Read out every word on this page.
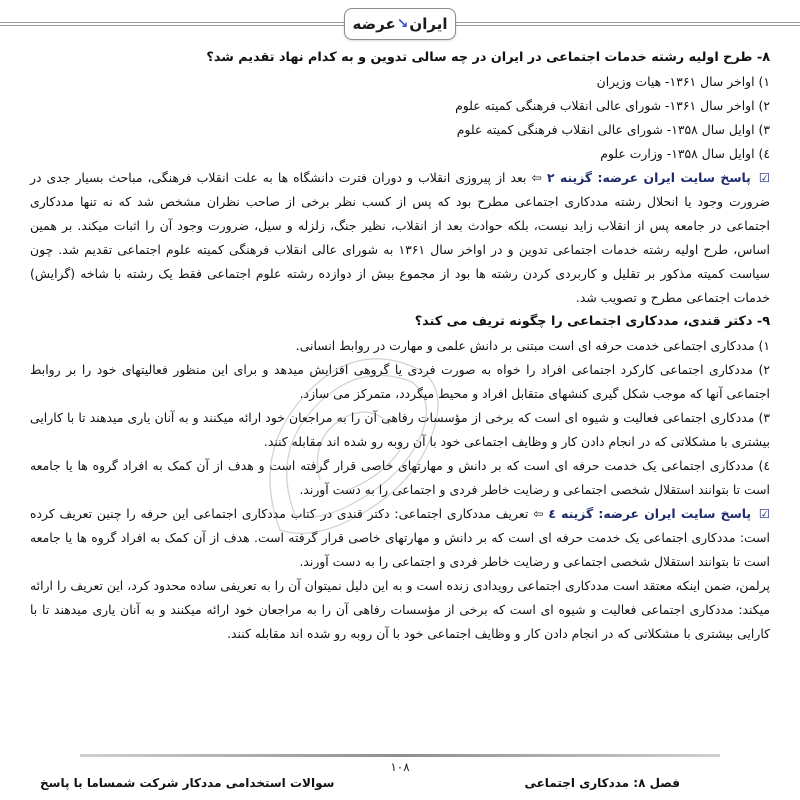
ایران
↘
عرضه

۸- طرح اولیه رشته خدمات اجتماعی در ایران در چه سالی تدوین و به کدام نهاد تقدیم شد؟

۱) اواخر سال ۱۳۶۱- هیات وزیران

۲) اواخر سال ۱۳۶۱- شورای عالی انقلاب فرهنگی کمیته علوم

۳) اوایل سال ۱۳۵۸- شورای عالی انقلاب فرهنگی کمیته علوم

٤) اوایل سال ۱۳۵۸- وزارت علوم

☑ پاسخ سایت ایران عرضه: گزینه ۲ ⇦ بعد از پیروزی انقلاب و دوران فترت دانشگاه ها به علت انقلاب فرهنگی، مباحث بسیار جدی در ضرورت وجود یا انحلال رشته مددکاری اجتماعی مطرح بود که پس از کسب نظر برخی از صاحب نظران مشخص شد که نه تنها مددکاری اجتماعی در جامعه پس از انقلاب زاید نیست، بلکه حوادث بعد از انقلاب، نظیر جنگ، زلزله و سیل، ضرورت وجود آن را اثبات میکند. بر همین اساس، طرح اولیه رشته خدمات اجتماعی تدوین و در اواخر سال ۱۳۶۱ به شورای عالی انقلاب فرهنگی کمیته علوم اجتماعی تقدیم شد. چون سیاست کمیته مذکور بر تقلیل و کاربردی کردن رشته ها بود از مجموع بیش از دوازده رشته علوم اجتماعی فقط یک رشته با شاخه (گرایش) خدمات اجتماعی مطرح و تصویب شد.

۹- دکتر قندی، مددکاری اجتماعی را چگونه تریف می کند؟

۱) مددکاری اجتماعی خدمت حرفه ای است مبتنی بر دانش علمی و مهارت در روابط انسانی.

۲) مددکاری اجتماعی کارکرد اجتماعی افراد را خواه به صورت فردی یا گروهی افزایش میدهد و برای این منظور فعالیتهای خود را بر روابط اجتماعی آنها که موجب شکل گیری کنشهای متقابل افراد و محیط میگردد، متمرکز می سازد.

۳) مددکاری اجتماعی فعالیت و شیوه ای است که برخی از مؤسسات رفاهی آن را به مراجعان خود ارائه میکنند و به آنان یاری میدهند تا با کارایی بیشتری با مشکلاتی که در انجام دادن کار و وظایف اجتماعی خود با آن روبه رو شده اند مقابله کنند.

٤) مددکاری اجتماعی یک خدمت حرفه ای است که بر دانش و مهارتهای خاصی قرار گرفته است و هدف از آن کمک به افراد گروه ها یا جامعه است تا بتوانند استقلال شخصی اجتماعی و رضایت خاطر فردی و اجتماعی را به دست آورند.

☑ پاسخ سایت ایران عرضه: گزینه ٤ ⇦ تعریف مددکاری اجتماعی: دکتر قندی در کتاب مددکاری اجتماعی این حرفه را چنین تعریف کرده است: مددکاری اجتماعی یک خدمت حرفه ای است که بر دانش و مهارتهای خاصی قرار گرفته است. هدف از آن کمک به افراد گروه ها یا جامعه است تا بتوانند استقلال شخصی اجتماعی و رضایت خاطر فردی و اجتماعی را به دست آورند.

پرلمن، ضمن اینکه معتقد است مددکاری اجتماعی رویدادی زنده است و به این دلیل نمیتوان آن را به تعریفی ساده محدود کرد، این تعریف را ارائه میکند: مددکاری اجتماعی فعالیت و شیوه ای است که برخی از مؤسسات رفاهی آن را به مراجعان خود ارائه میکنند و به آنان یاری میدهند تا با کارایی بیشتری با مشکلاتی که در انجام دادن کار و وظایف اجتماعی خود با آن روبه رو شده اند مقابله کنند.

۱۰۸
فصل ۸: مددکاری اجتماعی
سوالات استخدامی مددکار شرکت شمساما با پاسخ
